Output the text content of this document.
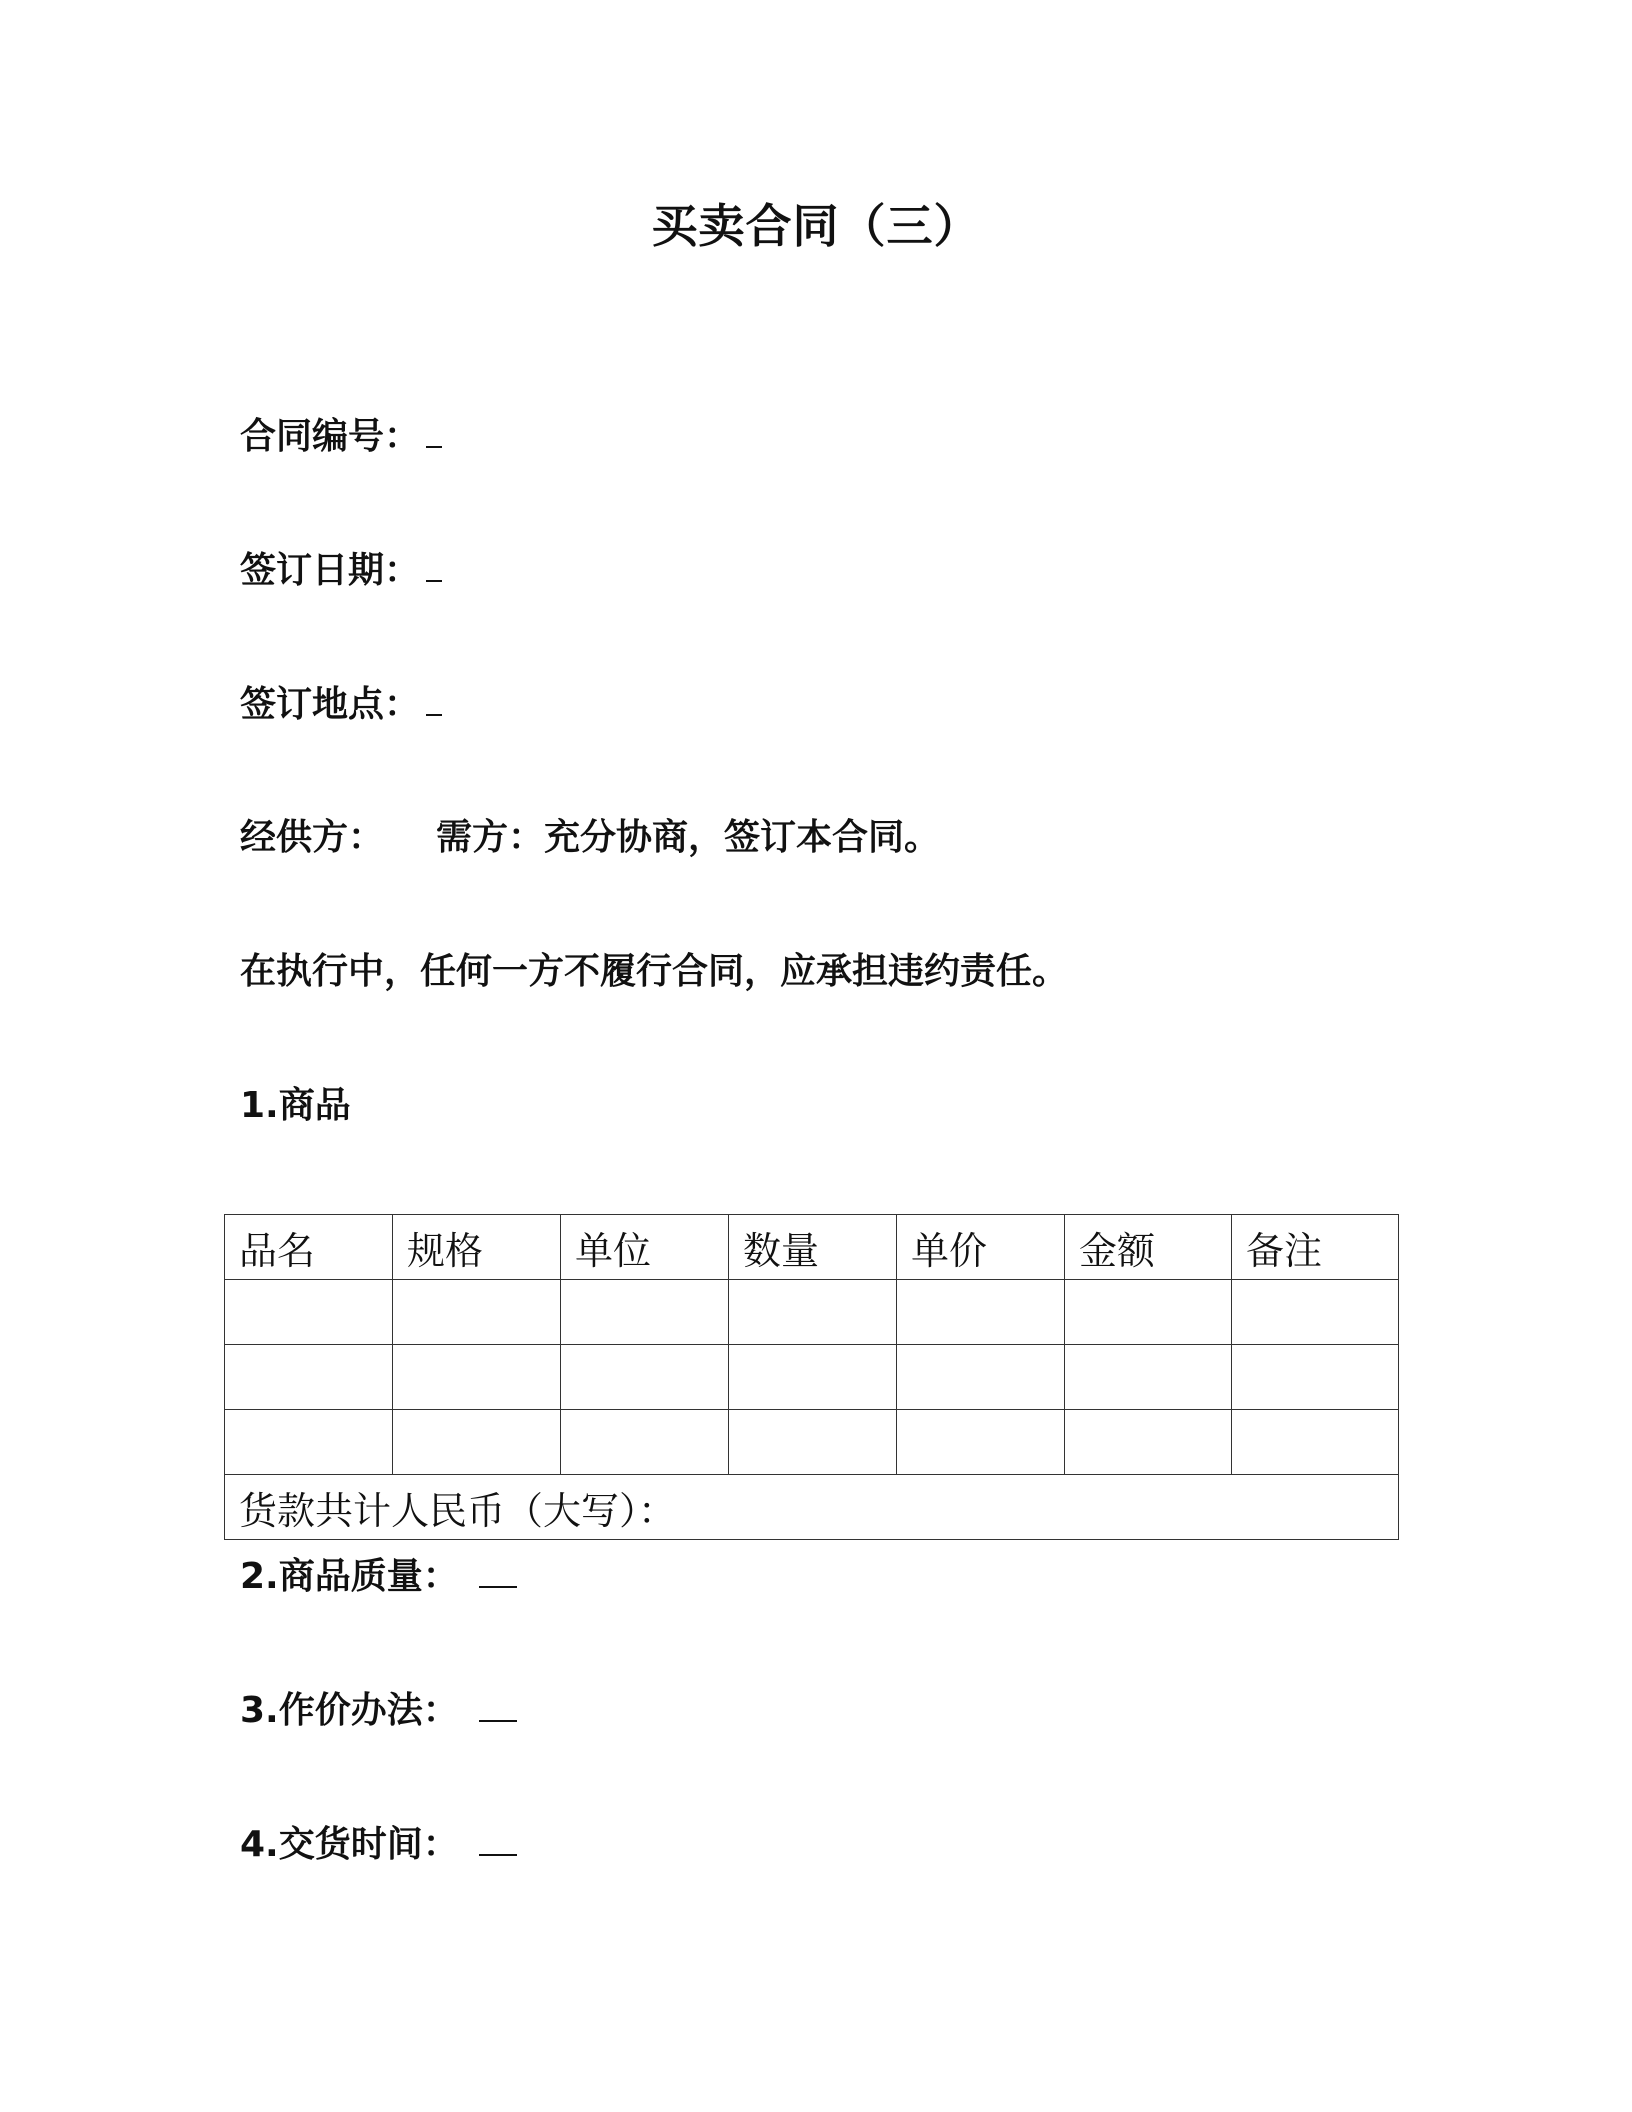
买卖合同（三）
合同编号：
签订日期：
签订地点：
经供方： 需方：充分协商，签订本合同。
在执行中，任何一方不履行合同，应承担违约责任。
1.商品
品名	规格	单位	数量	单价	金额	备注

货款共计人民币（大写）：						
2.商品质量：
3.作价办法：
4.交货时间：
